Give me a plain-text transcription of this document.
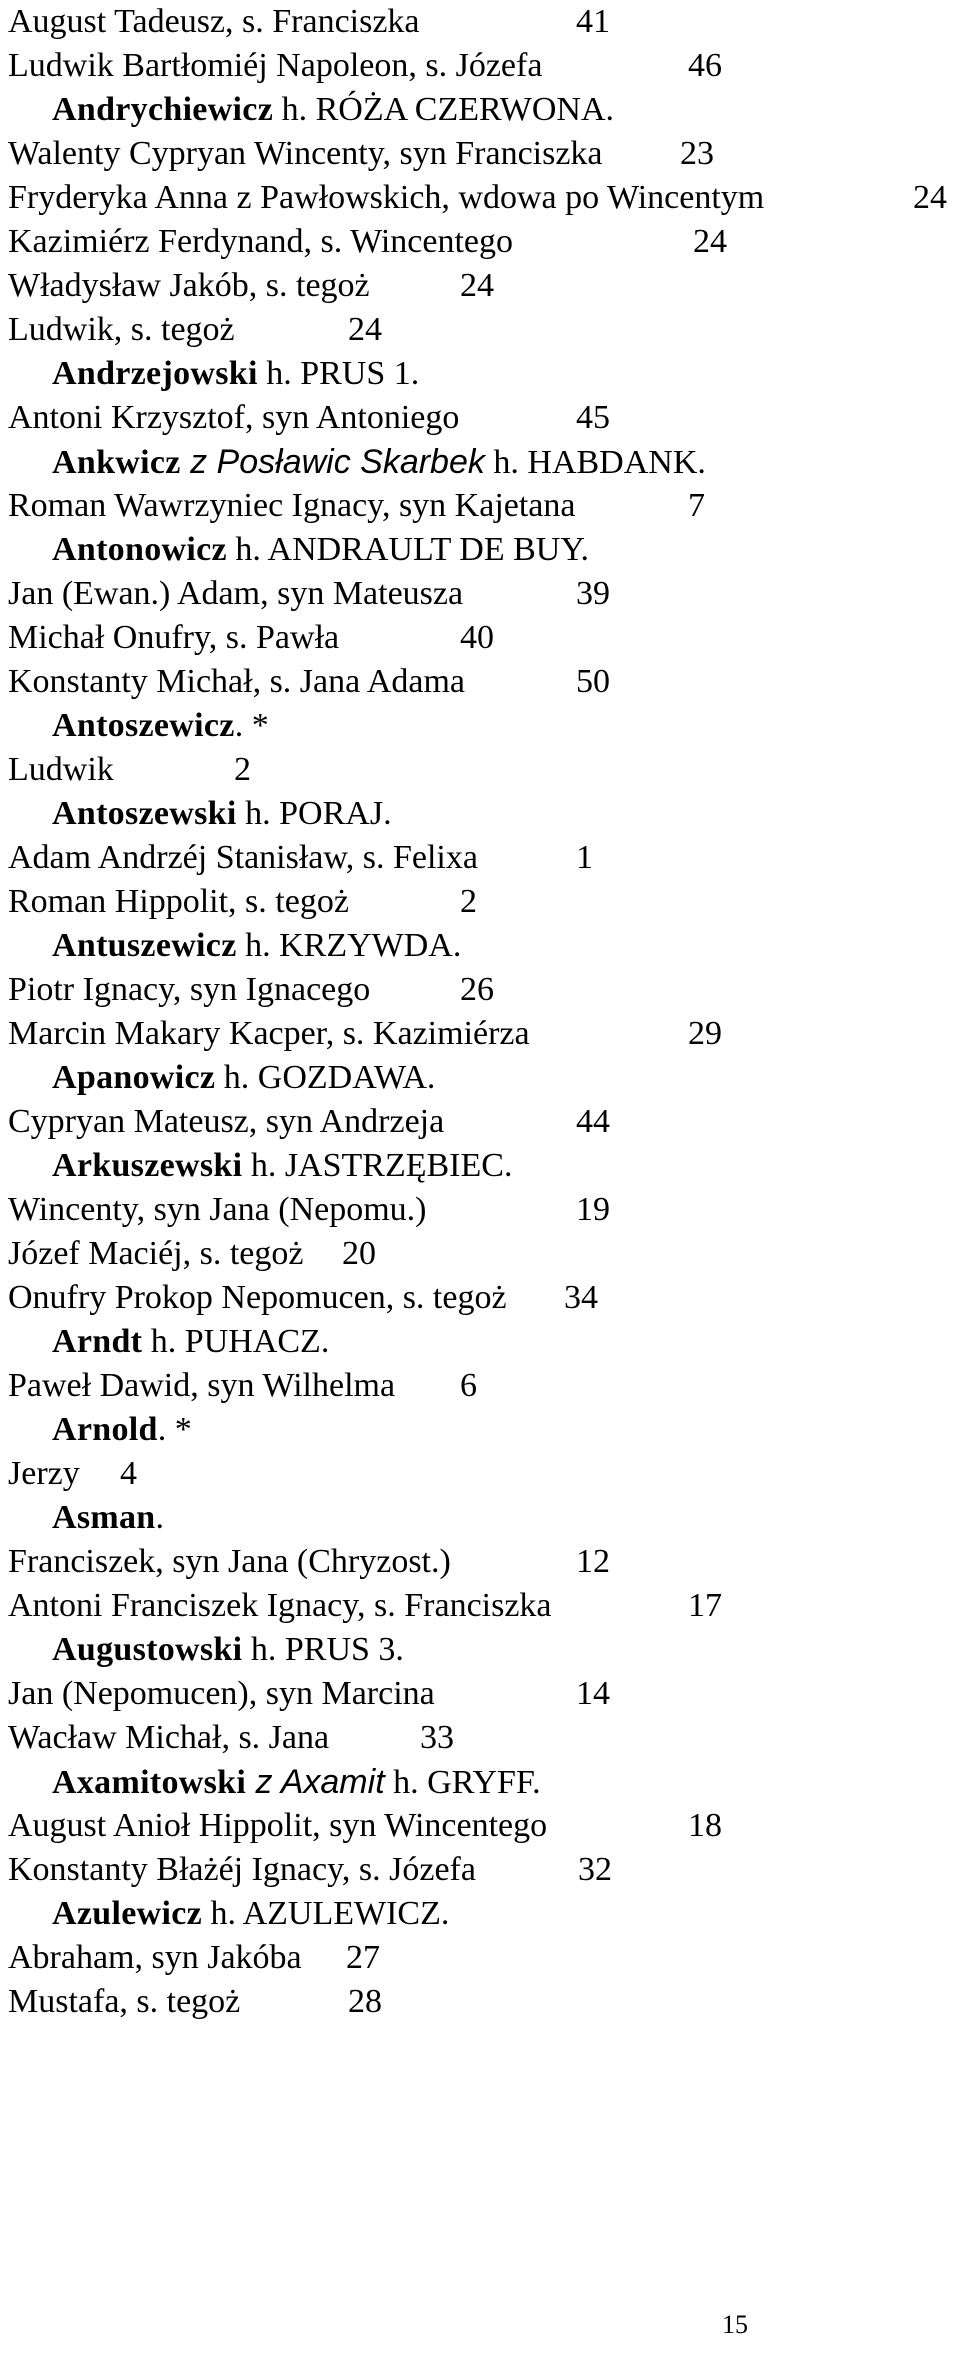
August Tadeusz, s. Franciszka	41
Ludwik Bartłomiéj Napoleon, s. Józefa	46
Andrychiewicz h. RÓŻA CZERWONA.
Walenty Cypryan Wincenty, syn Franciszka 23
Fryderyka Anna z Pawłowskich, wdowa po Wincentym	24
Kazimiérz Ferdynand, s. Wincentego	24
Władysław Jakób, s. tegoż	24
Ludwik, s. tegoż	24
Andrzejowski h. PRUS 1.
Antoni Krzysztof, syn Antoniego	45
Ankwicz z Posławic Skarbek h. HABDANK.
Roman Wawrzyniec Ignacy, syn Kajetana	7
Antonowicz h. ANDRAULT DE BUY.
Jan (Ewan.) Adam, syn Mateusza	39
Michał Onufry, s. Pawła	40
Konstanty Michał, s. Jana Adama	50
Antoszewicz. *
Ludwik	2
Antoszewski h. PORAJ.
Adam Andrzéj Stanisław, s. Felixa	1
Roman Hippolit, s. tegoż	2
Antuszewicz h. KRZYWDA.
Piotr Ignacy, syn Ignacego	26
Marcin Makary Kacper, s. Kazimiérza	29
Apanowicz h. GOZDAWA.
Cypryan Mateusz, syn Andrzeja	44
Arkuszewski h. JASTRZĘBIEC.
Wincenty, syn Jana (Nepomu.)	19
Józef Maciéj, s. tegoż 20
Onufry Prokop Nepomucen, s. tegoż 34
Arndt h. PUHACZ.
Paweł Dawid, syn Wilhelma 6
Arnold. *
Jerzy 4
Asman.
Franciszek, syn Jana (Chryzost.)	12
Antoni Franciszek Ignacy, s. Franciszka	17
Augustowski h. PRUS 3.
Jan (Nepomucen), syn Marcina	14
Wacław Michał, s. Jana	33
Axamitowski z Axamit h. GRYFF.
August Anioł Hippolit, syn Wincentego	18
Konstanty Błażéj Ignacy, s. Józefa	32
Azulewicz h. AZULEWICZ.
Abraham, syn Jakóba 27
Mustafa, s. tegoż	28
15
